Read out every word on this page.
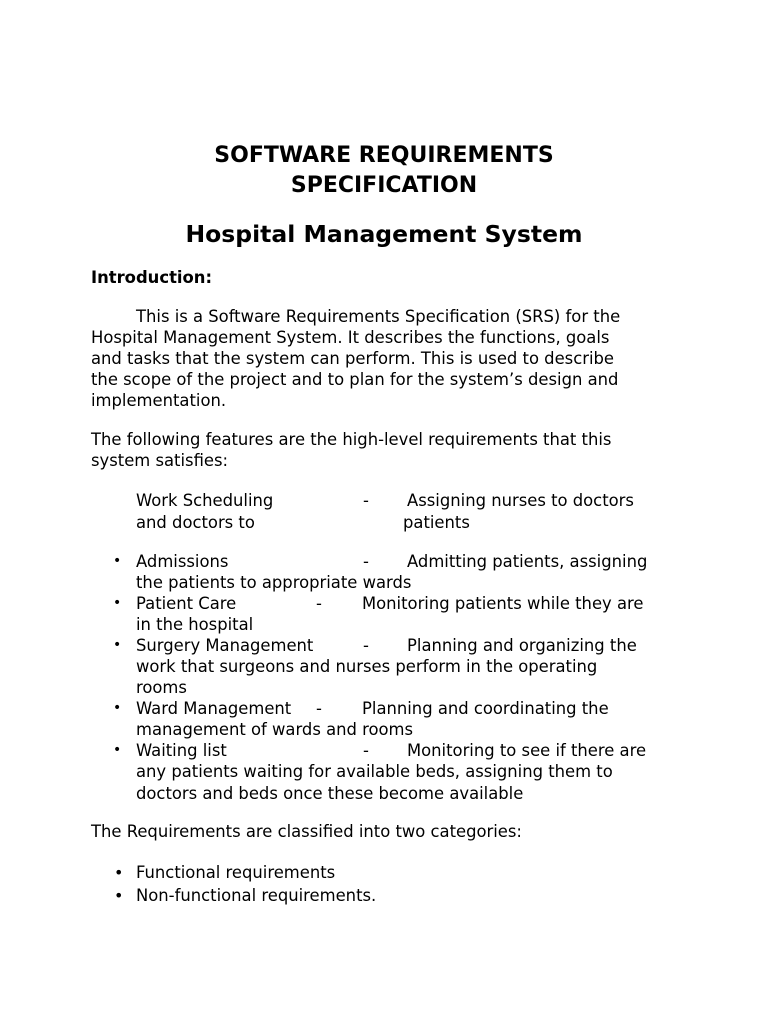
SOFTWARE REQUIREMENTS
SPECIFICATION
Hospital Management System
Introduction:
This is a Software Requirements Specification (SRS) for the
Hospital Management System. It describes the functions, goals
and tasks that the system can perform. This is used to describe
the scope of the project and to plan for the system’s design and
implementation.
The following features are the high-level requirements that this
system satisfies:
Work Scheduling	- Assigning nurses to doctors
and doctors to	patients
• Admissions	- Admitting patients, assigning
the patients to appropriate wards
• Patient Care	- Monitoring patients while they are
in the hospital
• Surgery Management	- Planning and organizing the
work that surgeons and nurses perform in the operating
rooms
• Ward Management - Planning and coordinating the
management of wards and rooms
• Waiting list	- Monitoring to see if there are
any patients waiting for available beds, assigning them to
doctors and beds once these become available
The Requirements are classified into two categories:
• Functional requirements
• Non-functional requirements.
